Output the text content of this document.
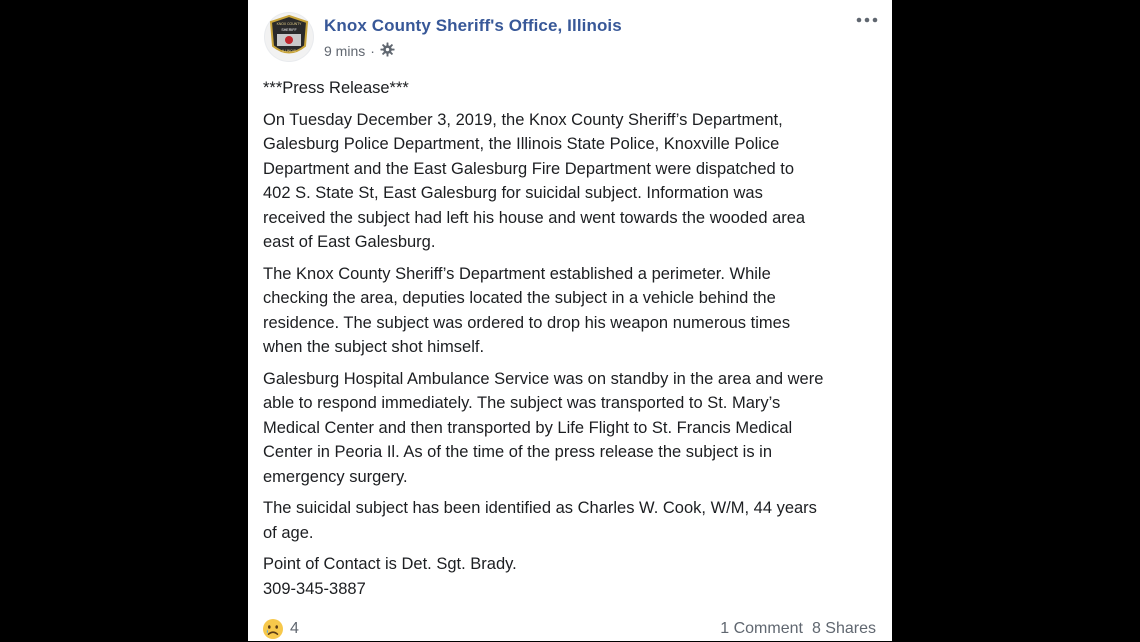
KNOX COUNTY
SHERIFF
ILLINOIS
Knox County Sheriff's Office, Illinois
9 mins ·

***Press Release***

On Tuesday December 3, 2019, the Knox County Sheriff’s Department,
Galesburg Police Department, the Illinois State Police, Knoxville Police
Department and the East Galesburg Fire Department were dispatched to
402 S. State St, East Galesburg for suicidal subject. Information was
received the subject had left his house and went towards the wooded area
east of East Galesburg.

The Knox County Sheriff’s Department established a perimeter. While
checking the area, deputies located the subject in a vehicle behind the
residence. The subject was ordered to drop his weapon numerous times
when the subject shot himself.

Galesburg Hospital Ambulance Service was on standby in the area and were
able to respond immediately. The subject was transported to St. Mary’s
Medical Center and then transported by Life Flight to St. Francis Medical
Center in Peoria Il. As of the time of the press release the subject is in
emergency surgery.

The suicidal subject has been identified as Charles W. Cook, W/M, 44 years
of age.

Point of Contact is Det. Sgt. Brady.
309-345-3887

4	1 Comment 8 Shares
